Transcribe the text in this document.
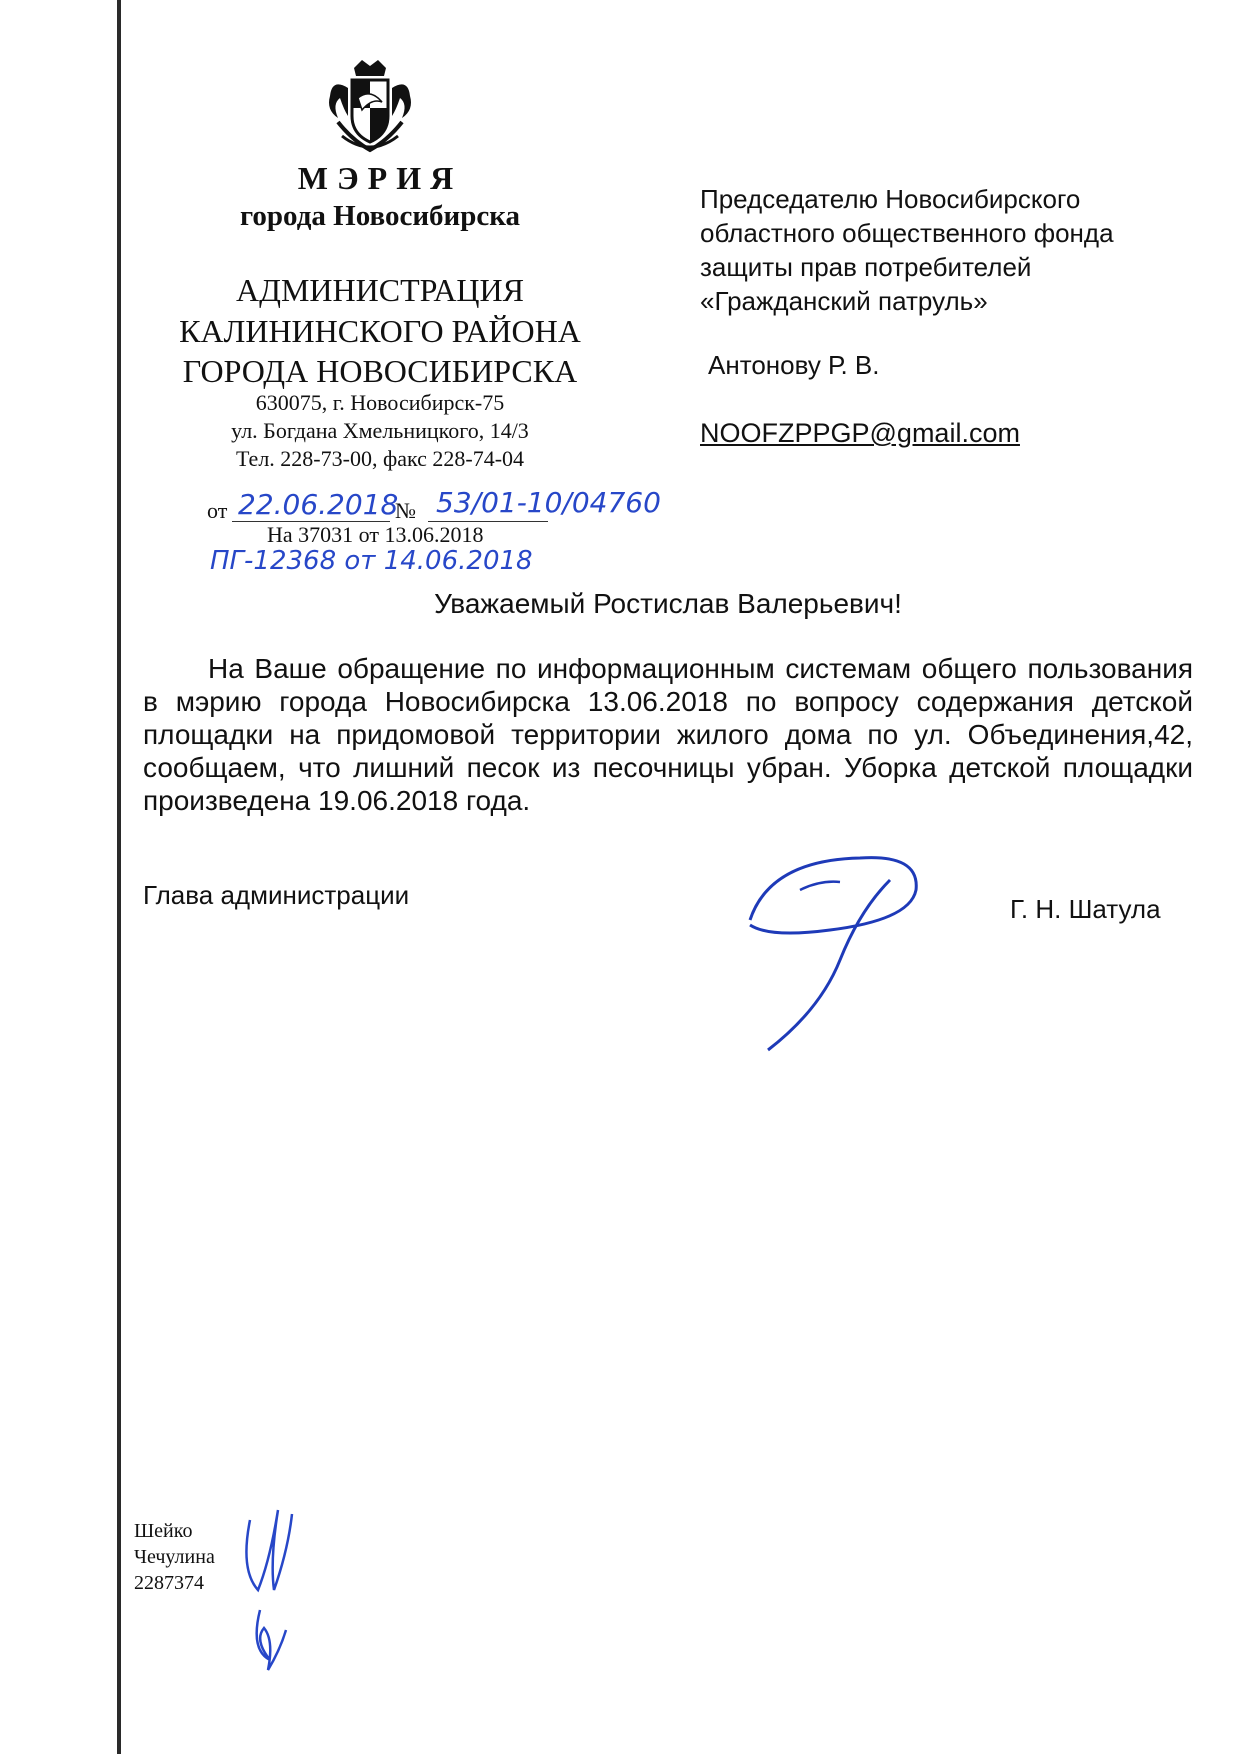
МЭРИЯ
города Новосибирска
АДМИНИСТРАЦИЯ
КАЛИНИНСКОГО РАЙОНА
ГОРОДА НОВОСИБИРСКА
630075, г. Новосибирск-75
ул. Богдана Хмельницкого, 14/3
Тел. 228-73-00, факс 228-74-04
от 22.06.2018
№ 53/01-10/04760
На 37031 от 13.06.2018
ПГ-12368 от 14.06.2018
Председателю Новосибирского
областного общественного фонда
защиты прав потребителей
«Гражданский патруль»
Антонову Р. В.
NOOFZPPGP@gmail.com
Уважаемый Ростислав Валерьевич!
На Ваше обращение по информационным системам общего пользования в мэрию города Новосибирска 13.06.2018 по вопросу содержания детской площадки на придомовой территории жилого дома по ул. Объединения,42, сообщаем, что лишний песок из песочницы убран. Уборка детской площадки произведена 19.06.2018 года.
Глава администрации	Г. Н. Шатула
Шейко
Чечулина
2287374
